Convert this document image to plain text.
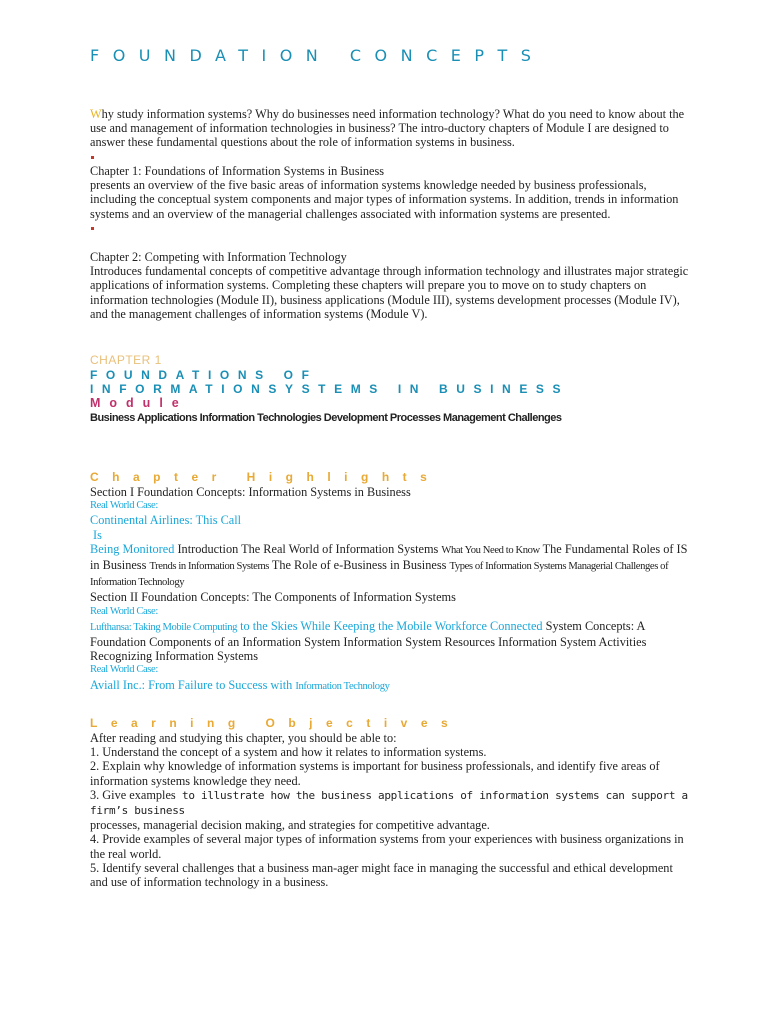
FOUNDATION CONCEPTS
Why study information systems? Why do businesses need information technology? What do you need to know about the use and management of information technologies in business? The intro-ductory chapters of Module I are designed to answer these fundamental questions about the role of information systems in business.
Chapter 1: Foundations of Information Systems in Business
presents an overview of the five basic areas of information systems knowledge needed by business professionals, including the conceptual system components and major types of information systems. In addition, trends in information systems and an overview of the managerial challenges associated with information systems are presented.
Chapter 2: Competing with Information Technology
Introduces fundamental concepts of competitive advantage through information technology and illustrates major strategic applications of information systems. Completing these chapters will prepare you to move on to study chapters on information technologies (Module II), business applications (Module III), systems development processes (Module IV), and the management challenges of information systems (Module V).
CHAPTER 1
FOUNDATIONS OF INFORMATIONSYSTEMS IN BUSINESS
Module
Business Applications Information Technologies Development Processes Management Challenges
Chapter Highlights
Section I Foundation Concepts: Information Systems in Business
Real World Case:
Continental Airlines: This Call
Is
Being Monitored Introduction The Real World of Information Systems What You Need to Know The Fundamental Roles of IS in Business Trends in Information Systems The Role of e-Business in Business Types of Information Systems Managerial Challenges of Information Technology
Section II Foundation Concepts: The Components of Information Systems
Real World Case:
Lufthansa: Taking Mobile Computing to the Skies While Keeping the Mobile Workforce Connected System Concepts: A Foundation Components of an Information System Information System Resources Information System Activities Recognizing Information Systems
Real World Case:
Aviall Inc.: From Failure to Success with Information Technology
Learning Objectives
After reading and studying this chapter, you should be able to:
1. Understand the concept of a system and how it relates to information systems.
2. Explain why knowledge of information systems is important for business professionals, and identify five areas of information systems knowledge they need.
3. Give examples to illustrate how the business applications of information systems can support a firm’s business
processes, managerial decision making, and strategies for competitive advantage.
4. Provide examples of several major types of information systems from your experiences with business organizations in the real world.
5. Identify several challenges that a business man-ager might face in managing the successful and ethical development and use of information technology in a business.
